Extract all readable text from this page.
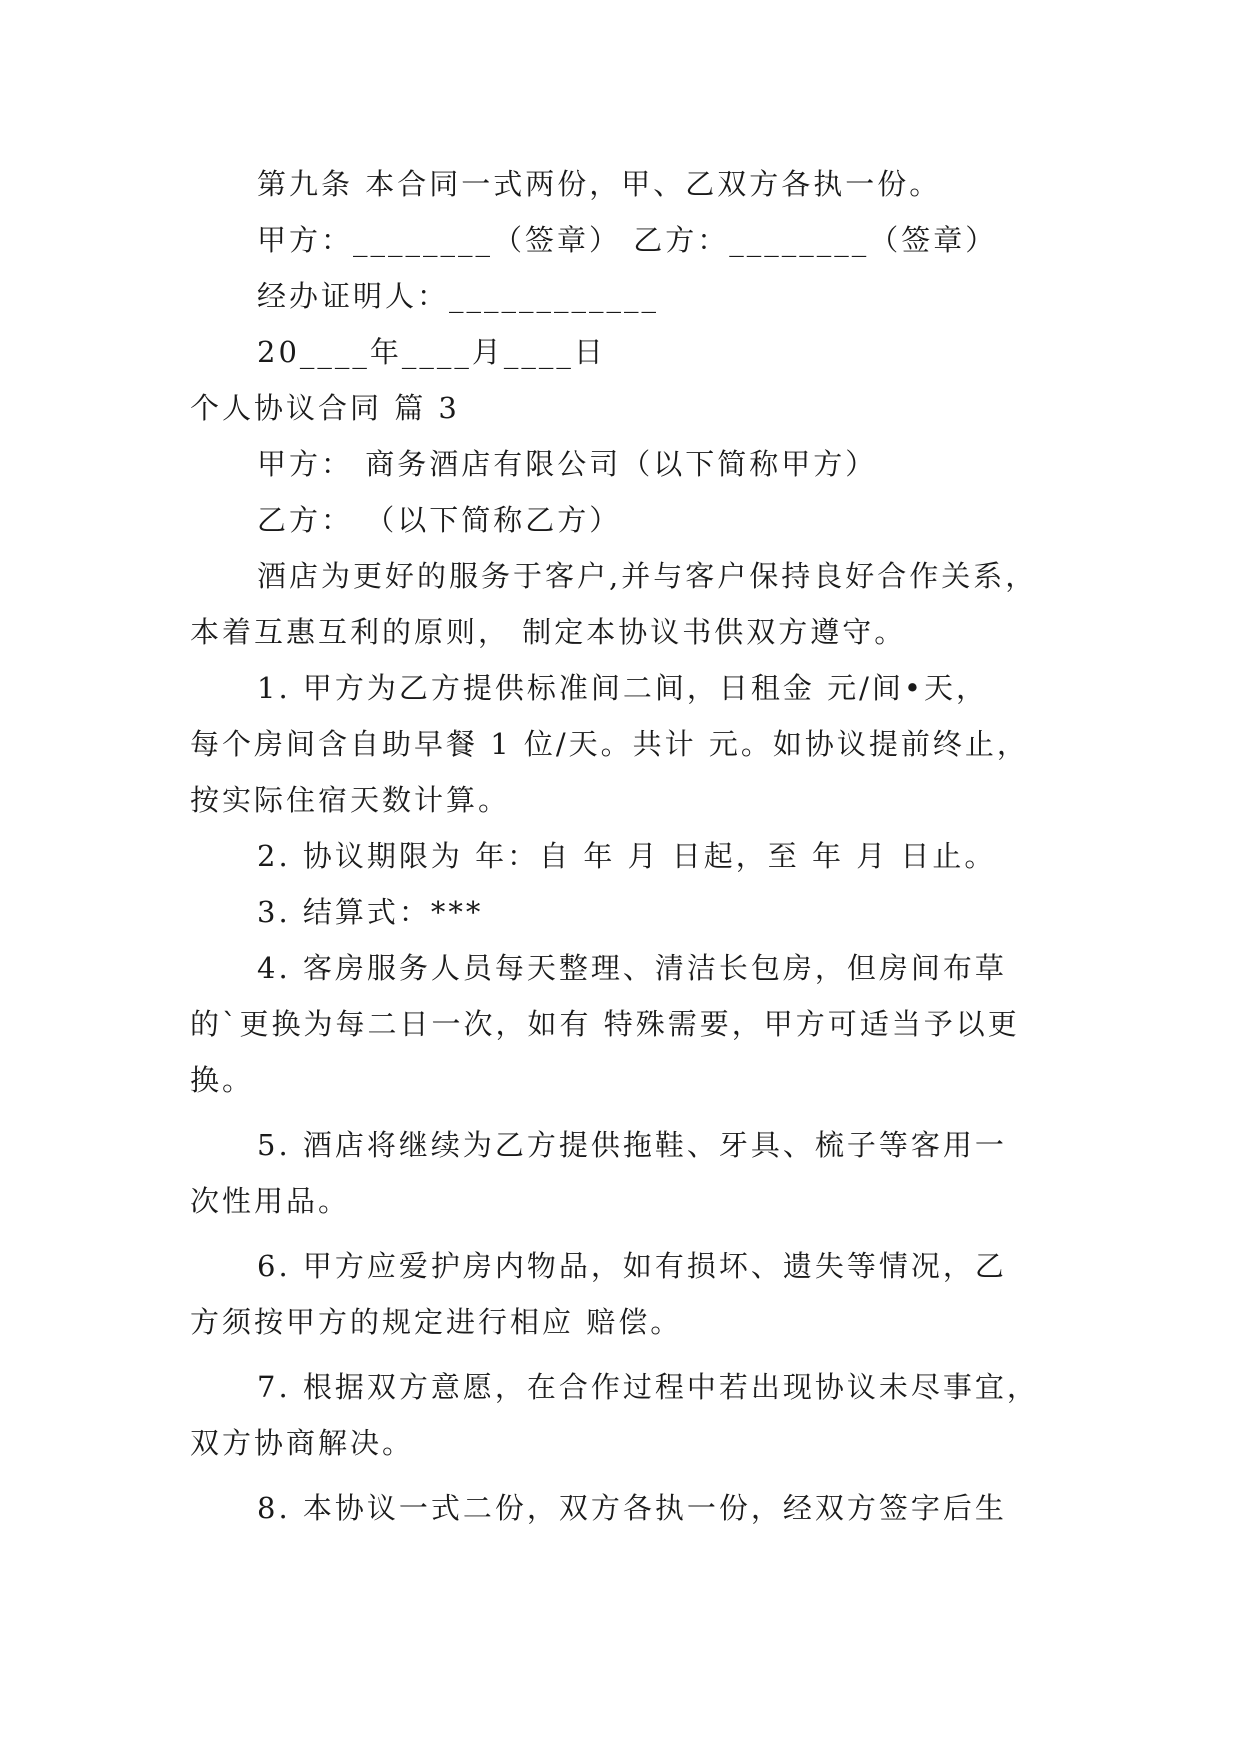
第九条 本合同一式两份，甲、乙双方各执一份。
甲方：________（签章） 乙方：________（签章）
经办证明人：____________
20____年____月____日
个人协议合同 篇 3
甲方： 商务酒店有限公司（以下简称甲方）
乙方： （以下简称乙方）
酒店为更好的服务于客户,并与客户保持良好合作关系，
本着互惠互利的原则， 制定本协议书供双方遵守。
1. 甲方为乙方提供标准间二间，日租金 元/间•天，
每个房间含自助早餐 1 位/天。共计 元。如协议提前终止，
按实际住宿天数计算。
2. 协议期限为 年：自 年 月 日起，至 年 月 日止。
3. 结算式：***
4. 客房服务人员每天整理、清洁长包房，但房间布草
的`更换为每二日一次，如有 特殊需要，甲方可适当予以更
换。
5. 酒店将继续为乙方提供拖鞋、牙具、梳子等客用一
次性用品。
6. 甲方应爱护房内物品，如有损坏、遗失等情况，乙
方须按甲方的规定进行相应 赔偿。
7. 根据双方意愿，在合作过程中若出现协议未尽事宜，
双方协商解决。
8. 本协议一式二份，双方各执一份，经双方签字后生
